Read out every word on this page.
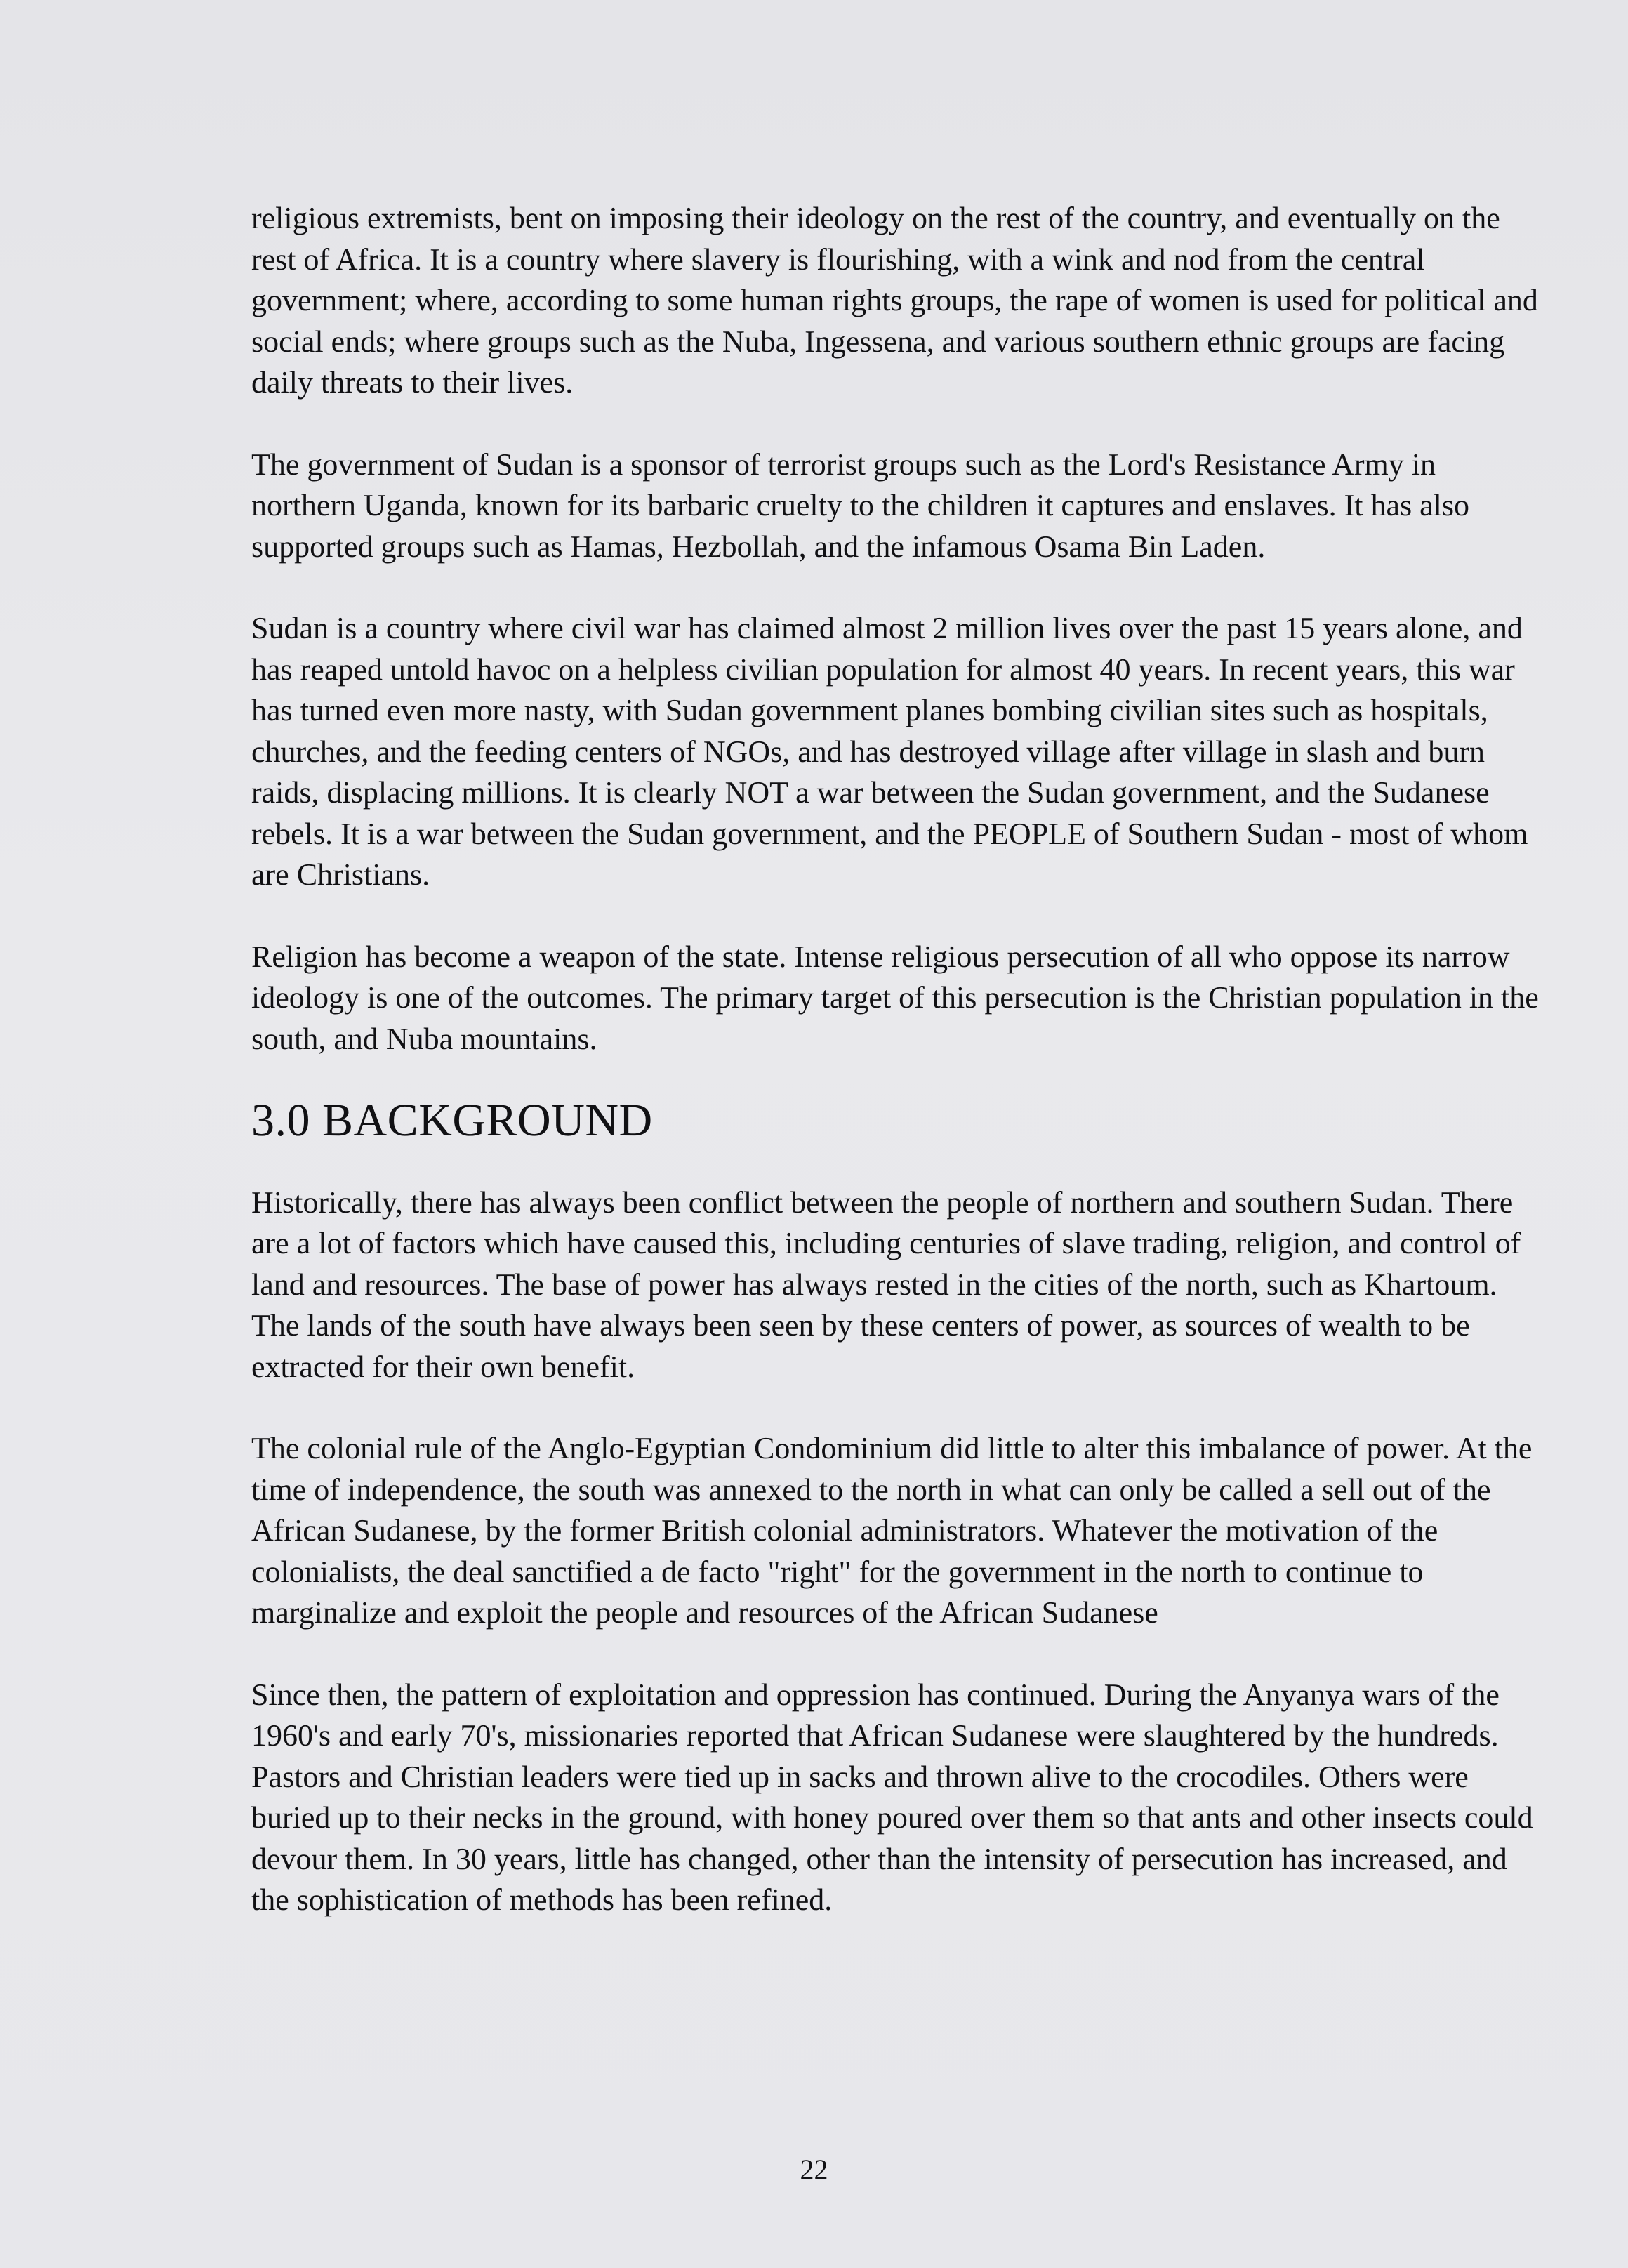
religious extremists, bent on imposing their ideology on the rest of the country, and eventually on the rest of Africa. It is a country where slavery is flourishing, with a wink and nod from the central government; where, according to some human rights groups, the rape of women is used for political and social ends; where groups such as the Nuba, Ingessena, and various southern ethnic groups are facing daily threats to their lives.

The government of Sudan is a sponsor of terrorist groups such as the Lord's Resistance Army in northern Uganda, known for its barbaric cruelty to the children it captures and enslaves. It has also supported groups such as Hamas, Hezbollah, and the infamous Osama Bin Laden.

Sudan is a country where civil war has claimed almost 2 million lives over the past 15 years alone, and has reaped untold havoc on a helpless civilian population for almost 40 years. In recent years, this war has turned even more nasty, with Sudan government planes bombing civilian sites such as hospitals, churches, and the feeding centers of NGOs, and has destroyed village after village in slash and burn raids, displacing millions. It is clearly NOT a war between the Sudan government, and the Sudanese rebels. It is a war between the Sudan government, and the PEOPLE of Southern Sudan - most of whom are Christians.

Religion has become a weapon of the state. Intense religious persecution of all who oppose its narrow ideology is one of the outcomes. The primary target of this persecution is the Christian population in the south, and Nuba mountains.

3.0 BACKGROUND

Historically, there has always been conflict between the people of northern and southern Sudan. There are a lot of factors which have caused this, including centuries of slave trading, religion, and control of land and resources. The base of power has always rested in the cities of the north, such as Khartoum. The lands of the south have always been seen by these centers of power, as sources of wealth to be extracted for their own benefit.

The colonial rule of the Anglo-Egyptian Condominium did little to alter this imbalance of power. At the time of independence, the south was annexed to the north in what can only be called a sell out of the African Sudanese, by the former British colonial administrators. Whatever the motivation of the colonialists, the deal sanctified a de facto "right" for the government in the north to continue to marginalize and exploit the people and resources of the African Sudanese

Since then, the pattern of exploitation and oppression has continued. During the Anyanya wars of the 1960's and early 70's, missionaries reported that African Sudanese were slaughtered by the hundreds. Pastors and Christian leaders were tied up in sacks and thrown alive to the crocodiles. Others were buried up to their necks in the ground, with honey poured over them so that ants and other insects could devour them. In 30 years, little has changed, other than the intensity of persecution has increased, and the sophistication of methods has been refined.

22
